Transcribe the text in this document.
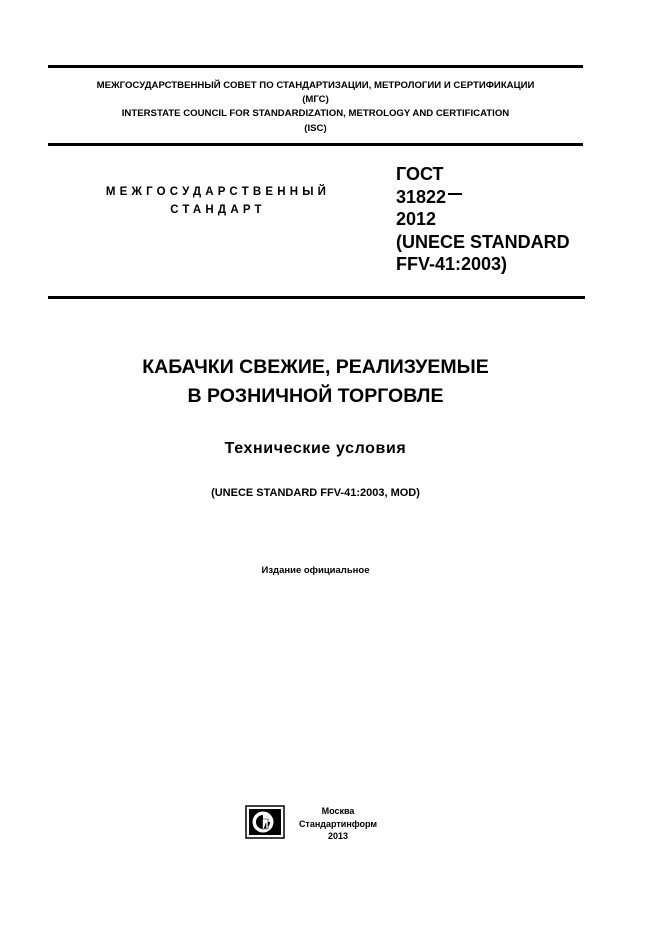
МЕЖГОСУДАРСТВЕННЫЙ СОВЕТ ПО СТАНДАРТИЗАЦИИ, МЕТРОЛОГИИ И СЕРТИФИКАЦИИ
(МГС)
INTERSTATE COUNCIL FOR STANDARDIZATION, METROLOGY AND CERTIFICATION
(ISC)
МЕЖГОСУДАРСТВЕННЫЙ
СТАНДАРТ
ГОСТ
31822
2012
(UNECE STANDARD
FFV-41:2003)
КАБАЧКИ СВЕЖИЕ, РЕАЛИЗУЕМЫЕ
В РОЗНИЧНОЙ ТОРГОВЛЕ
Технические условия
(UNECE STANDARD FFV-41:2003, MOD)
Издание официальное
Москва
Стандартинформ
2013
